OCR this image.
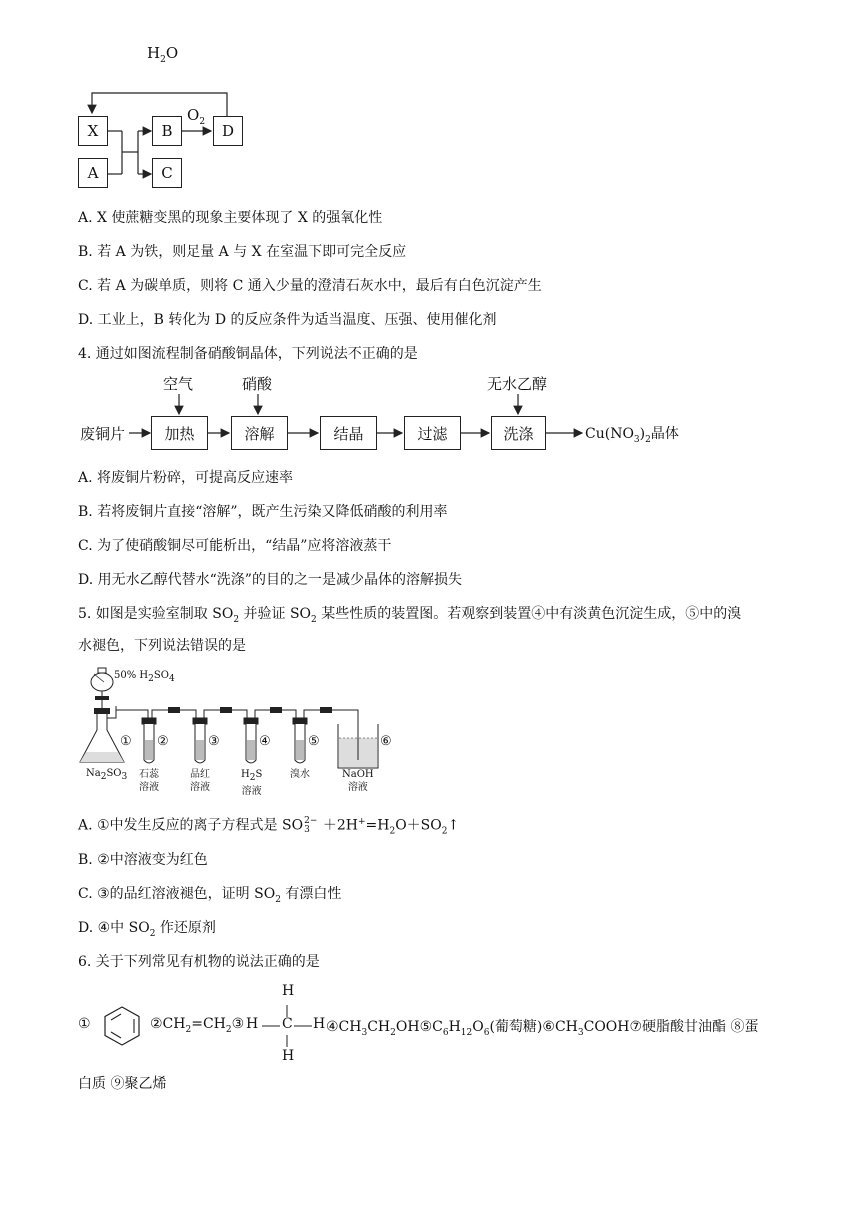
$H_2O$
$O_2$
X
A
B
C
D
A. X 使蔗糖变黑的现象主要体现了 X 的强氧化性
B. 若 A 为铁，则足量 A 与 X 在室温下即可完全反应
C. 若 A 为碳单质，则将 C 通入少量的澄清石灰水中，最后有白色沉淀产生
D. 工业上，B 转化为 D 的反应条件为适当温度、压强、使用催化剂
4. 通过如图流程制备硝酸铜晶体，下列说法不正确的是
废铜片
空气	硝酸	无水乙醇
加热	溶解	结晶	过滤	洗涤	$Cu(NO_3)_2$晶体
A. 将废铜片粉碎，可提高反应速率
B. 若将废铜片直接“溶解”，既产生污染又降低硝酸的利用率
C. 为了使硝酸铜尽可能析出，“结晶”应将溶液蒸干
D. 用无水乙醇代替水“洗涤”的目的之一是减少晶体的溶解损失
5. 如图是实验室制取 $SO_2$ 并验证 $SO_2$ 某些性质的装置图。若观察到装置④中有淡黄色沉淀生成，⑤中的溴
水褪色，下列说法错误的是
50% $H_2SO_4$
① ②	③	④	⑤	⑥
$Na_2SO_3$ 石蕊
溶液
品红
溶液
$H_2S$
溶液
溴水	NaOH
溶液
A. ①中发生反应的离子方程式是 SO 2−
$3 +2H^+=H_2O+SO_2↑$
B. ②中溶液变为红色
C. ③的品红溶液褪色，证明 $SO_2$ 有漂白性
D. ④中 $SO_2$ 作还原剂
6. 关于下列常见有机物的说法正确的是
①	$②CH_2=CH_2③$
H
H C H
H
$④CH_3CH_2OH⑤C_6H_{12}O_6$(葡萄糖)$⑥CH_3COOH⑦$硬脂酸甘油酯 ⑧蛋
白质 ⑨聚乙烯
